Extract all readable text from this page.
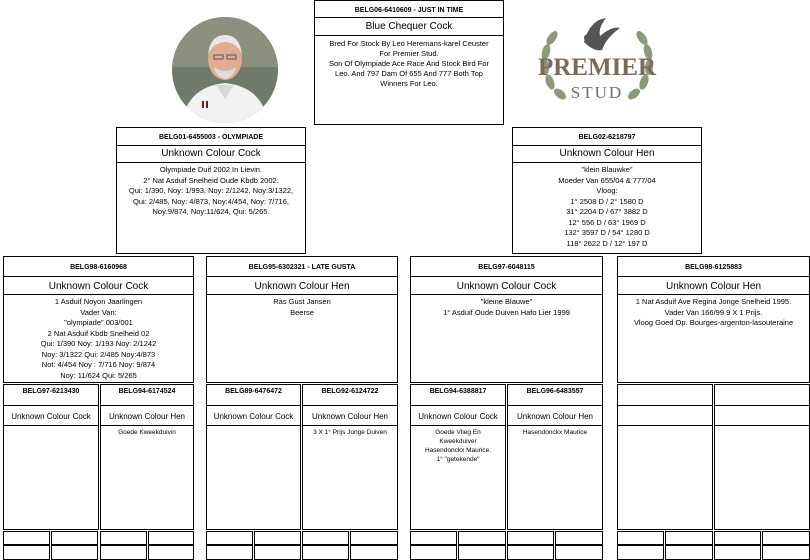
PREMIER
STUD
BELG06-6410609 - JUST IN TIME
Blue Chequer Cock
Bred For Stock By Leo Heremans-karel Ceuster
For Premier Stud.
Son Of Olympiade Ace Race And Stock Bird For
Leo. And 797 Dam Of 655 And 777 Both Top
Winners For Leo.
BELG01-6455003 - OLYMPIADE
Unknown Colour Cock
Olympiade Duif 2002 In Lievin.
2° Nat Asduif Snelheid Oude Kbdb 2002.
Qui: 1/390, Noy: 1/993, Noy: 2/1242, Noy:3/1322,
Qui: 2/485, Noy: 4/873, Noy:4/454, Noy: 7/716,
Noy:9/874, Noy:11/624, Qui: 5/265.
BELG02-6218797
Unknown Colour Hen
"klein Blauwke"
Moeder Van 655/04 & 777/04
Vloog:
1° 2508 D / 2° 1580 D
31° 2204 D / 67° 3882 D
12° 556 D / 63° 1969 D
132° 3597 D / 54° 1280 D
118° 2622 D / 12° 197 D
BELG98-6160968
Unknown Colour Cock
1 Asduif Noyon Jaarlingen
Vader Van:
"olympiade" 003/001
2 Nat Asduif Kbdb Snelheid 02
Qui: 1/390 Noy: 1/193 Noy: 2/1242
Noy: 3/1322 Qui: 2/485 Noy:4/873
Not: 4/454 Noy : 7/716 Noy: 9/874
Noy: 11/624 Qui: 5/265
BELG95-6302321 - LATE GUSTA
Unknown Colour Hen
Ras Gust Jansen
Beerse
BELG97-6048115
Unknown Colour Cock
"kleine Blauwe"
1° Asduif Oude Duiven Hafo Lier 1999
BELG98-6125883
Unknown Colour Hen
1 Nat Asduif Ave Regina Jonge Snelheid 1995.
Vader Van 166/99 9 X 1 Prijs.
Vloog Goed Op. Bourges-argenton-lasouteraine
BELG97-6213430
Unknown Colour Cock
BELG94-6174524
Unknown Colour Hen
Goede Kweekduivin
BELG89-6476472
Unknown Colour Cock
BELG92-6124722
Unknown Colour Hen
3 X 1° Prijs Jonge Duiven
BELG94-6388817
Unknown Colour Cock
Goede Vlieg En
Kweekduiver
Hasendonckx Maurice.
1° "getekende"
BELG96-6483557
Unknown Colour Hen
Hasendonckx Maurice
